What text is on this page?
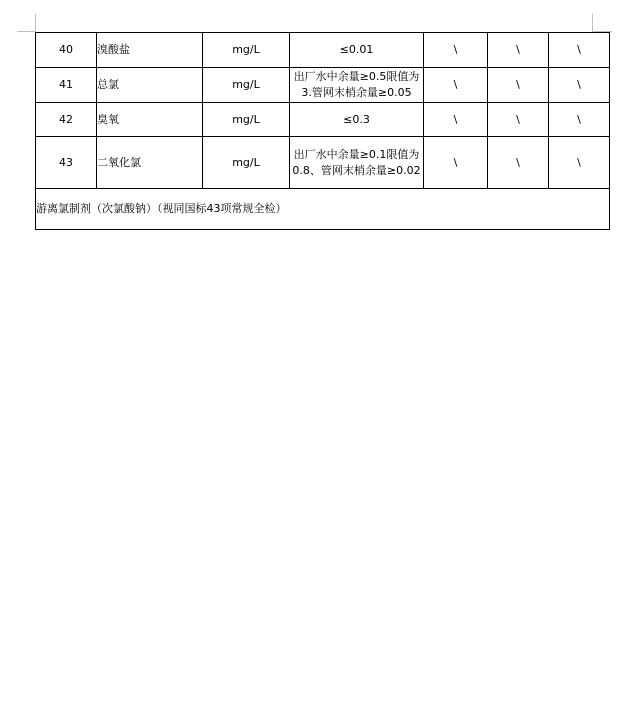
40	溴酸盐	mg/L	≤0.01	\	\	\
41	总氯	mg/L	出厂水中余量≥0.5限值为3.管网末梢余量≥0.05	\	\	\
42	臭氧	mg/L	≤0.3	\	\	\
43	二氧化氯	mg/L	出厂水中余量≥0.1限值为0.8、管网末梢余量≥0.02	\	\	\
游离氯制剂（次氯酸钠）（视同国标43项常规全检）						
